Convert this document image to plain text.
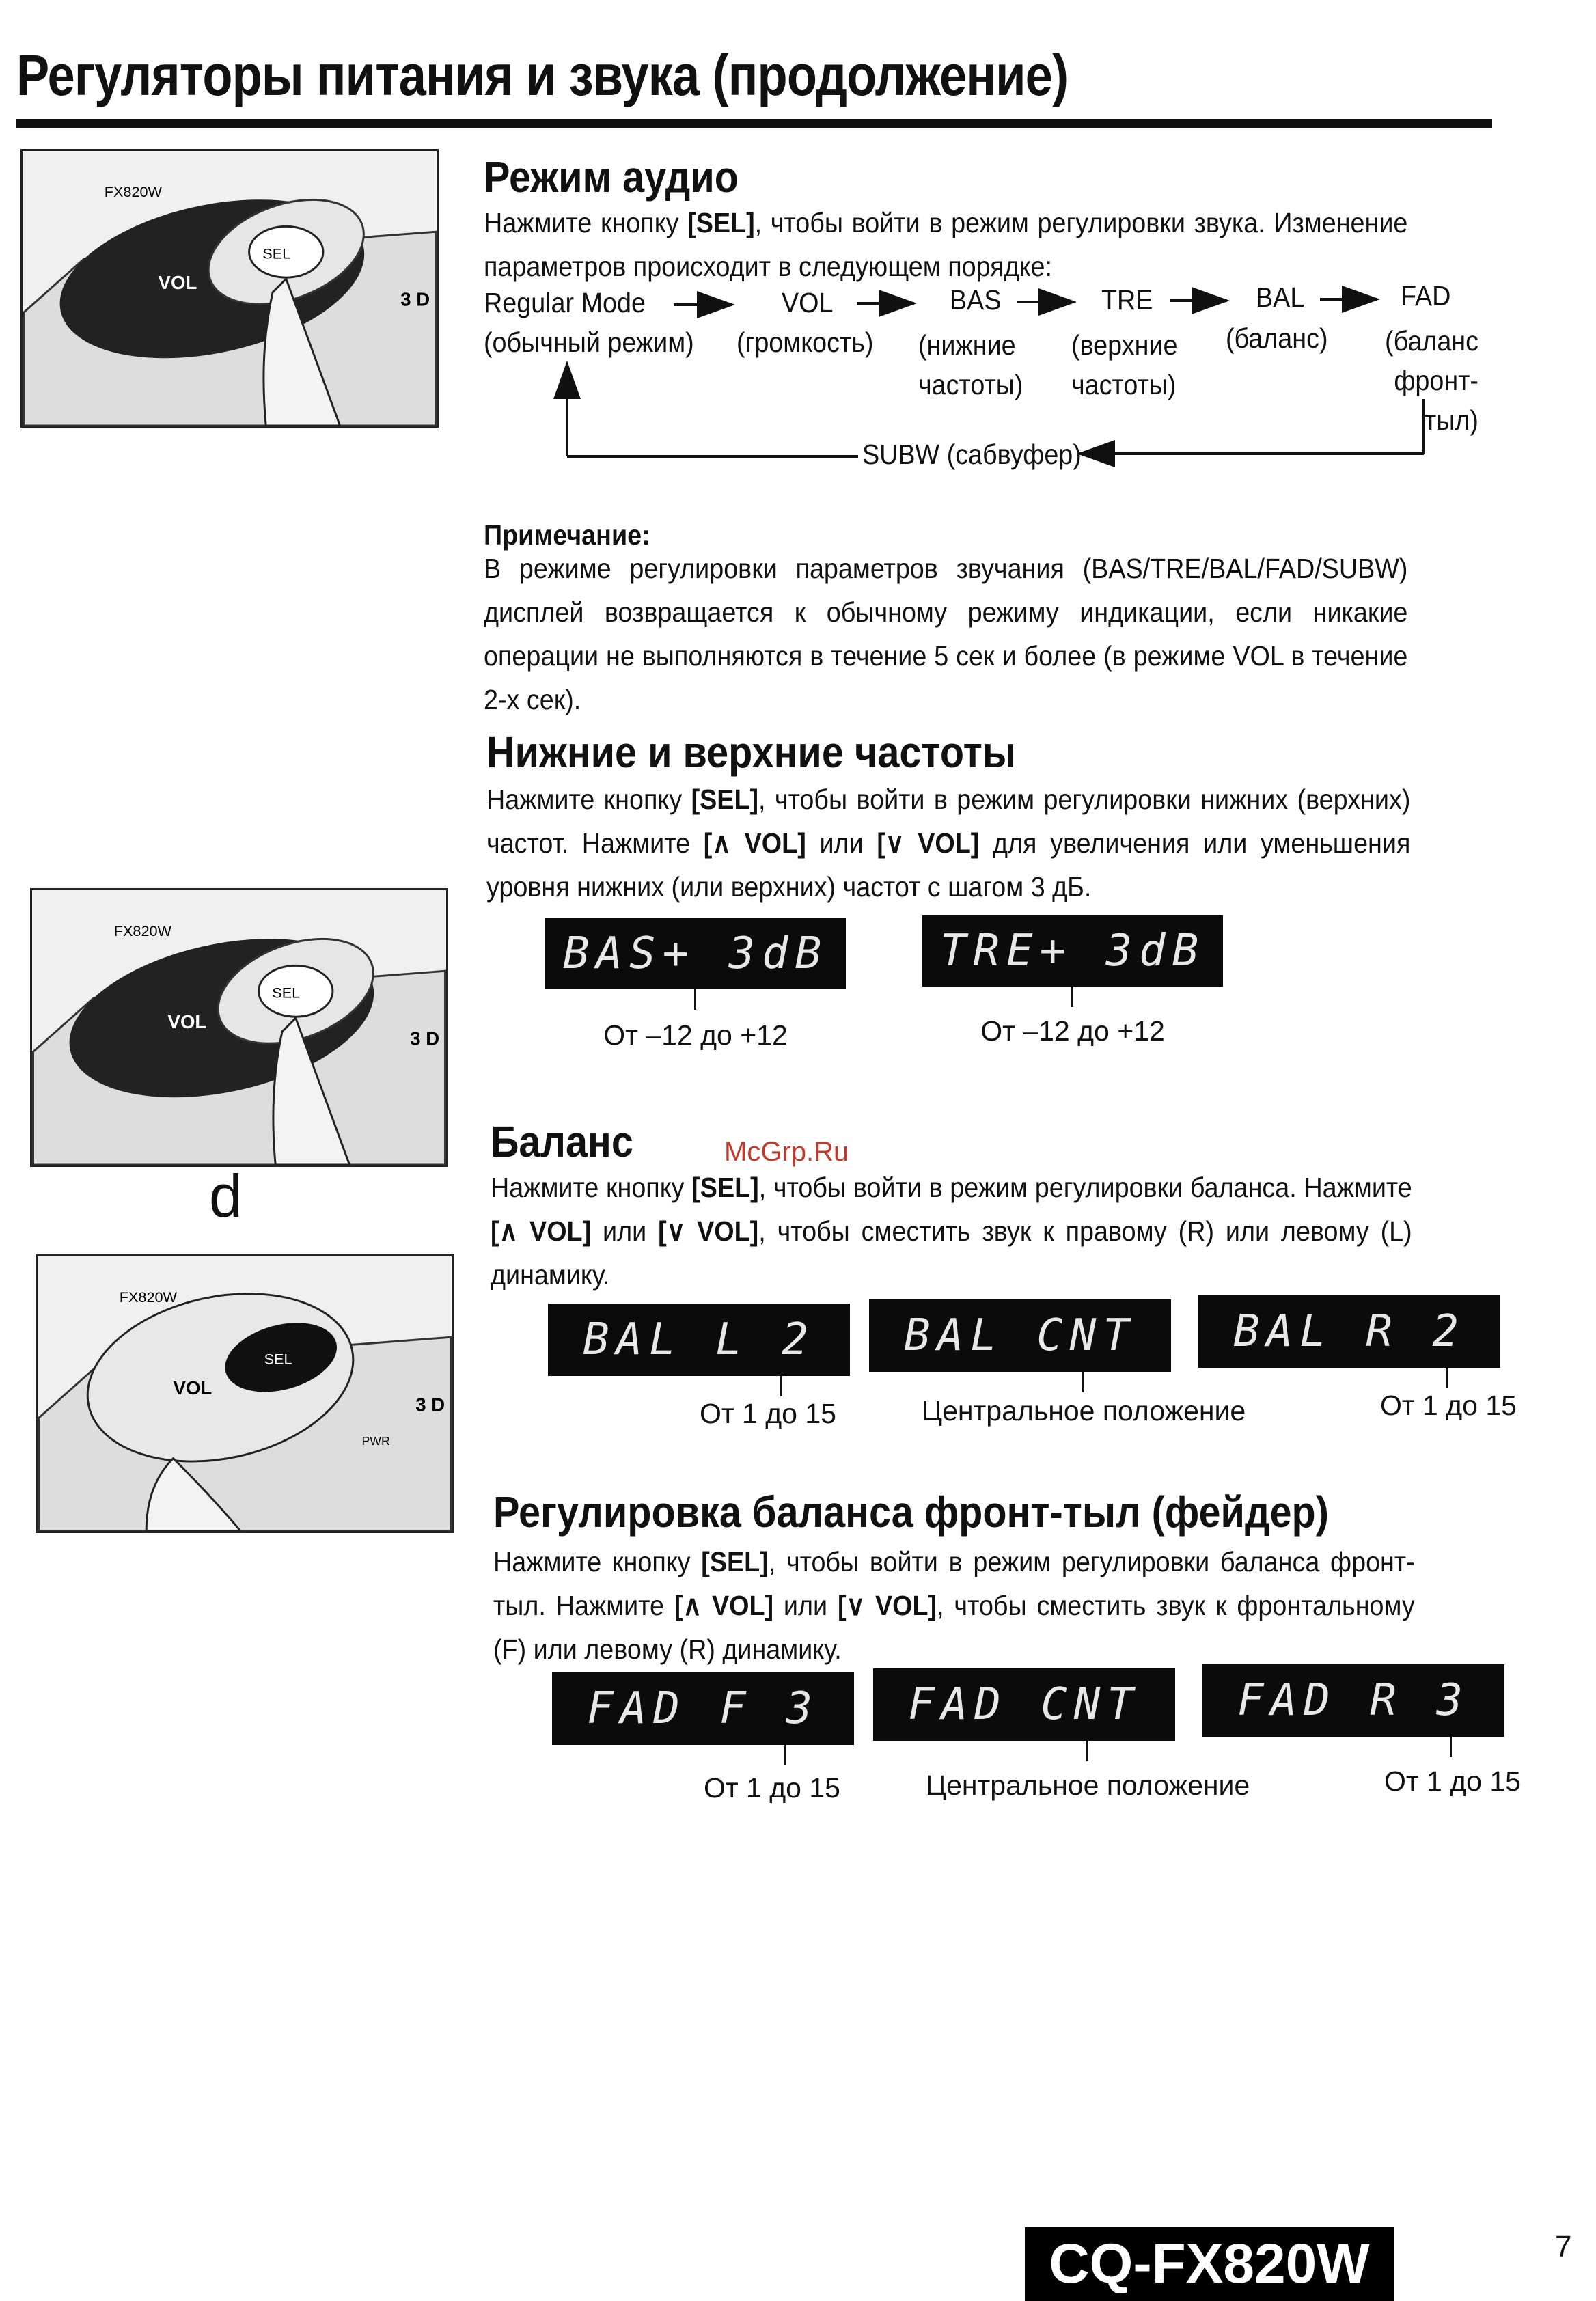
Регуляторы питания и звука (продолжение)
FX820W
VOL
SEL
3 D
Режим аудио
Нажмите кнопку [SEL], чтобы войти в режим регулировки звука. Изменение параметров происходит в следующем порядке:
Regular Mode
(обычный режим)
VOL
(громкость)
BAS
(нижние частоты)
TRE
(верхние частоты)
BAL
(баланс)
FAD
(баланс фронт-тыл)
SUBW (сабвуфер)
Примечание:
В режиме регулировки параметров звучания (BAS/TRE/BAL/FAD/SUBW) дисплей возвращается к обычному режиму индикации, если никакие операции не выполняются в течение 5 сек и более (в режиме VOL в течение 2-х сек).
FX820W
VOL
SEL
3 D
Нижние и верхние частоты
Нажмите кнопку [SEL], чтобы войти в режим регулировки нижних (верхних) частот. Нажмите [∧ VOL] или [∨ VOL] для увеличения или уменьшения уровня нижних (или верхних) частот с шагом 3 дБ.
BAS+ 3dB
От –12 до +12
TRE+ 3dB
От –12 до +12
d
FX820W
VOL
SEL
3 D
PWR
Баланс	McGrp.Ru
Нажмите кнопку [SEL], чтобы войти в режим регулировки баланса. Нажмите [∧ VOL] или [∨ VOL], чтобы сместить звук к правому (R) или левому (L) динамику.
BAL L 2
От 1 до 15
BAL CNT
Центральное положение
BAL R 2
От 1 до 15
Регулировка баланса фронт-тыл (фейдер)
Нажмите кнопку [SEL], чтобы войти в режим регулировки баланса фронт-тыл. Нажмите [∧ VOL] или [∨ VOL], чтобы сместить звук к фронтальному (F) или левому (R) динамику.
FAD F 3
От 1 до 15
FAD CNT
Центральное положение
FAD R 3
От 1 до 15
CQ-FX820W	7
